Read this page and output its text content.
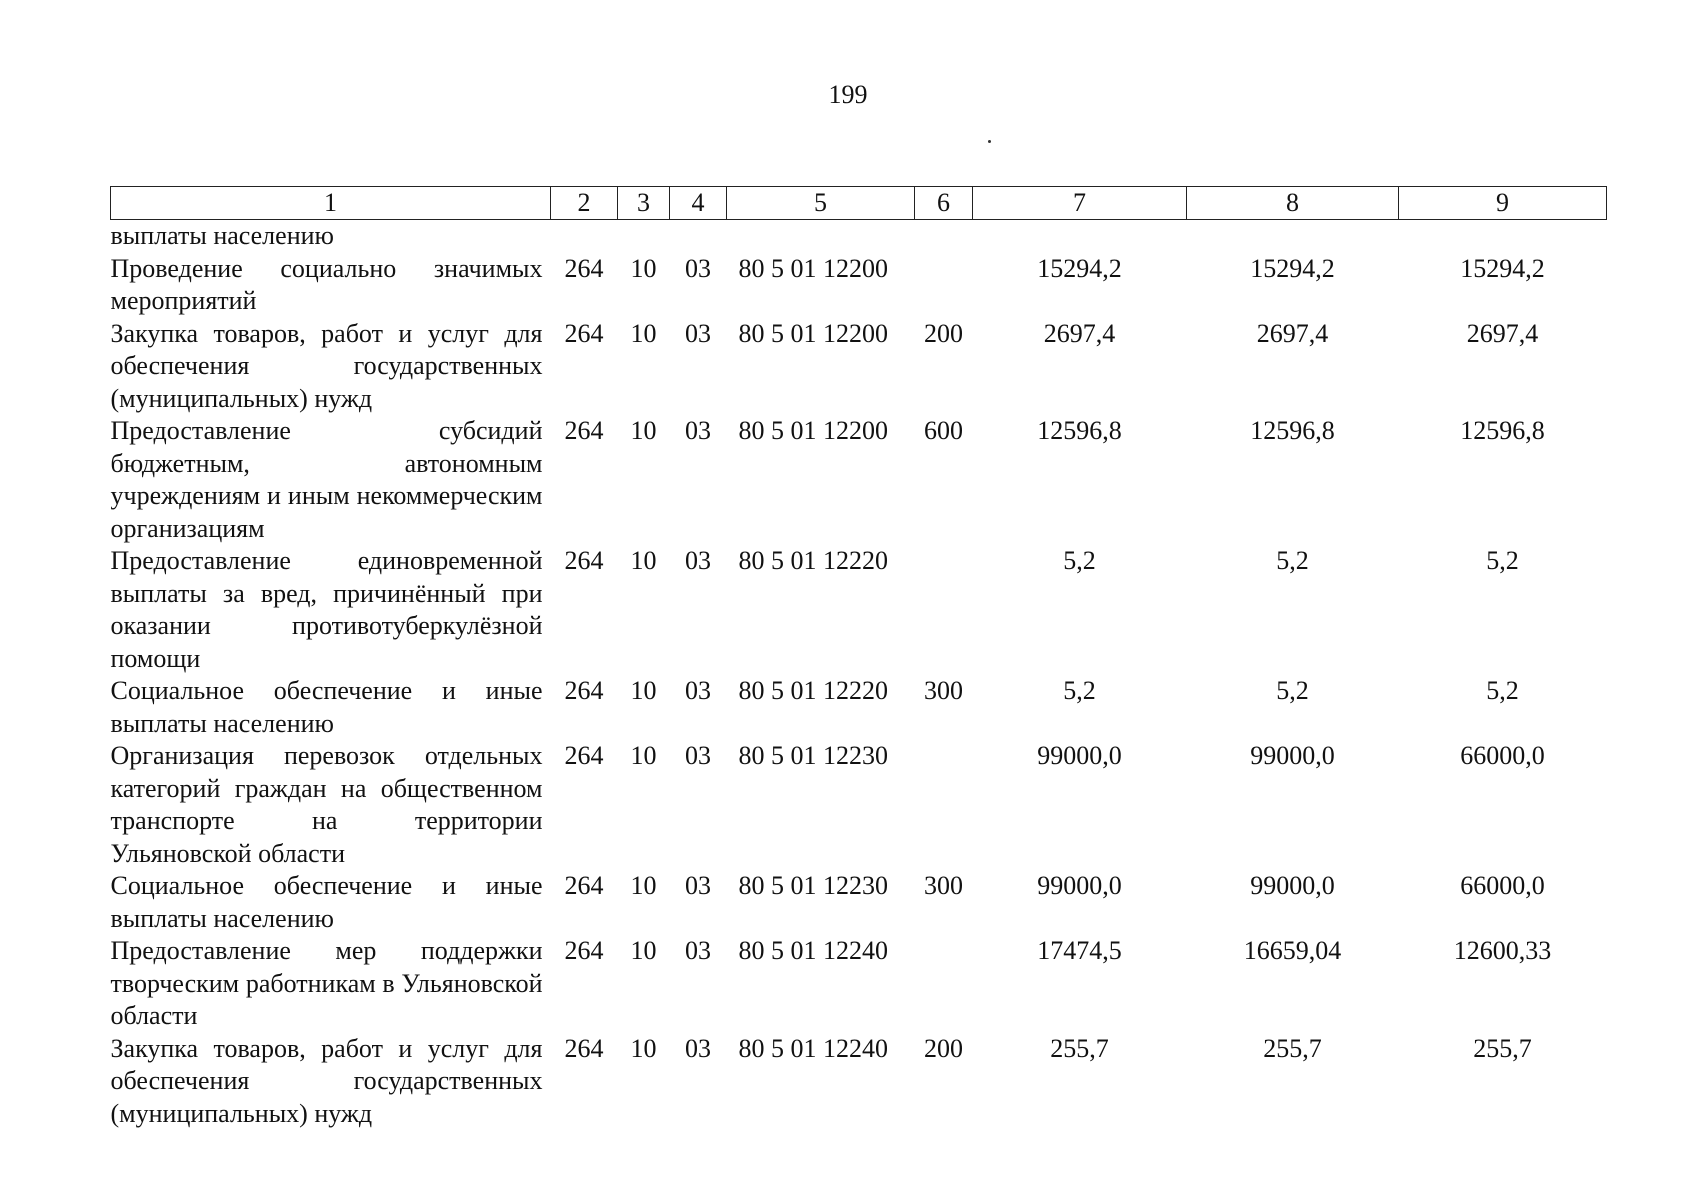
199
1	2	3	4	5	6	7	8	9
выплаты населению								
Проведение социально значимых мероприятий	264	10	03	80 5 01 12200		15294,2	15294,2	15294,2
Закупка товаров, работ и услуг для обеспечения государственных (муниципальных) нужд	264	10	03	80 5 01 12200	200	2697,4	2697,4	2697,4
Предоставление субсидий бюджетным, автономным учреждениям и иным некоммерческим организациям	264	10	03	80 5 01 12200	600	12596,8	12596,8	12596,8
Предоставление единовременной выплаты за вред, причинённый при оказании противотуберкулёзной помощи	264	10	03	80 5 01 12220		5,2	5,2	5,2
Социальное обеспечение и иные выплаты населению	264	10	03	80 5 01 12220	300	5,2	5,2	5,2
Организация перевозок отдельных категорий граждан на общественном транспорте на территории Ульяновской области	264	10	03	80 5 01 12230		99000,0	99000,0	66000,0
Социальное обеспечение и иные выплаты населению	264	10	03	80 5 01 12230	300	99000,0	99000,0	66000,0
Предоставление мер поддержки творческим работникам в Ульяновской области	264	10	03	80 5 01 12240		17474,5	16659,04	12600,33
Закупка товаров, работ и услуг для обеспечения государственных (муниципальных) нужд	264	10	03	80 5 01 12240	200	255,7	255,7	255,7
